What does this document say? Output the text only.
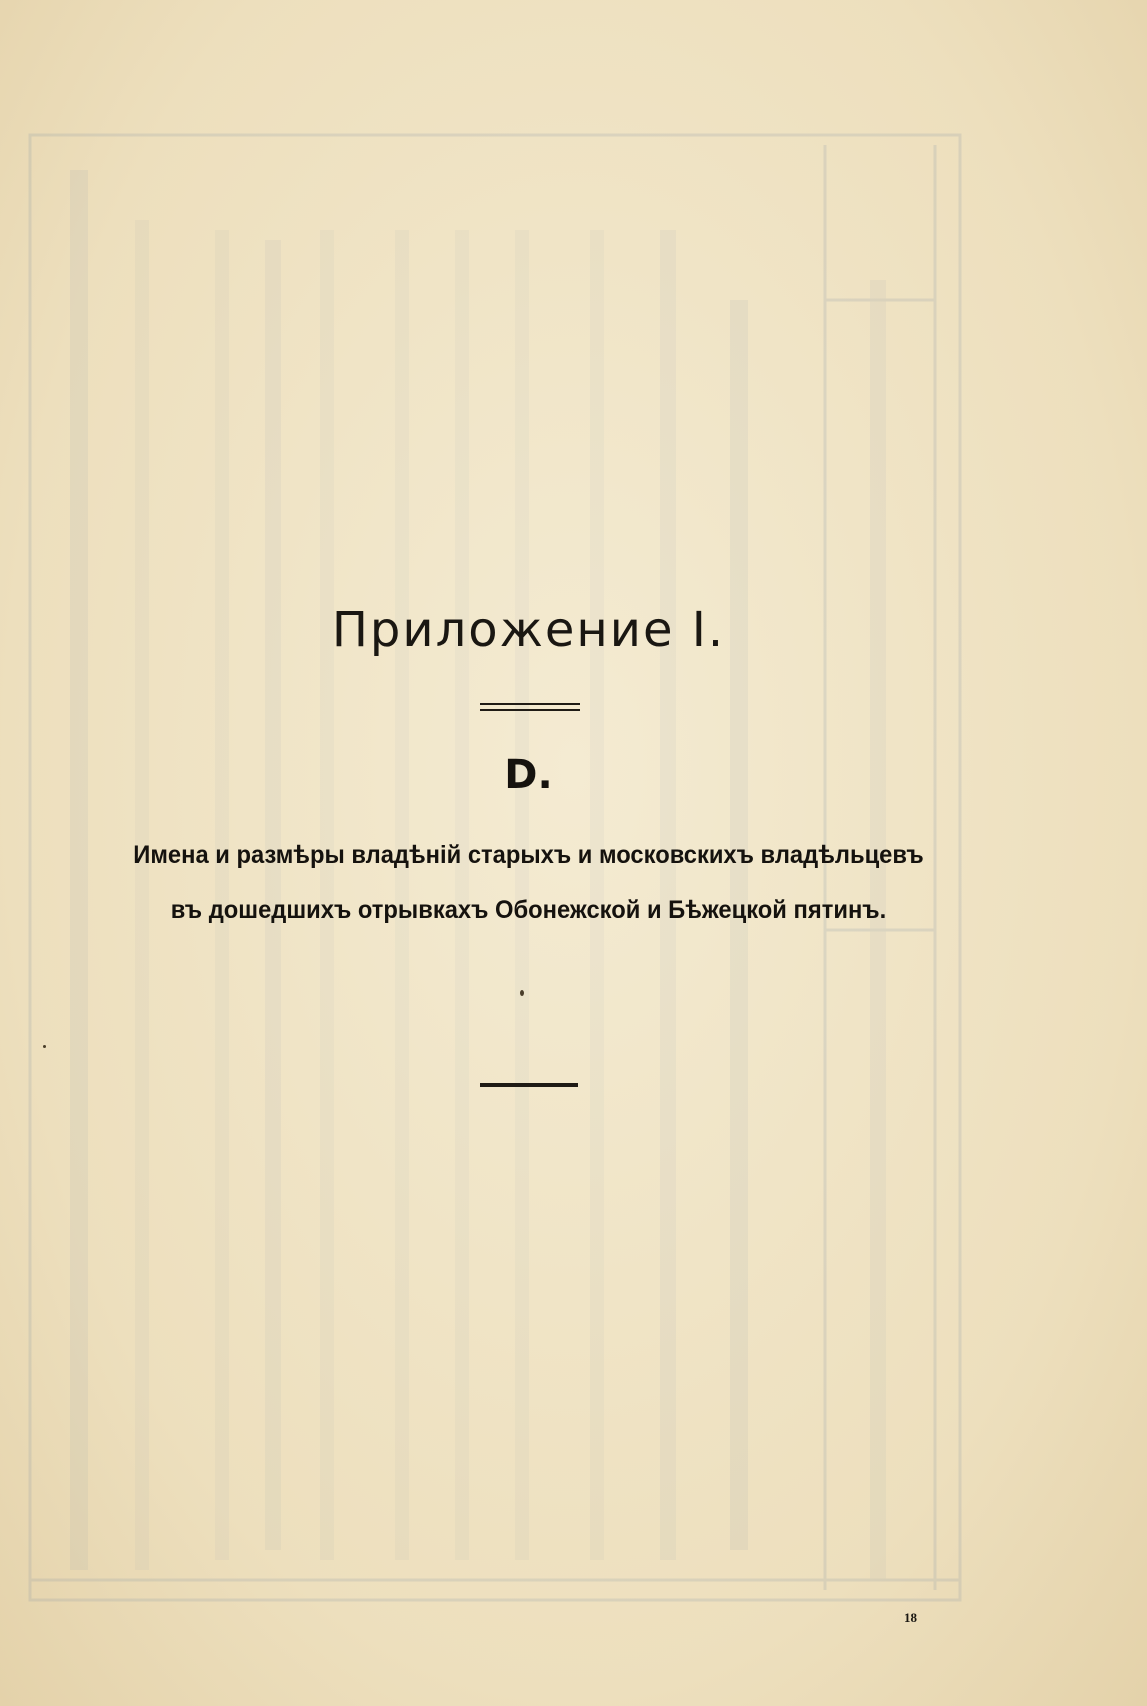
Приложение I.
D.
Имена и размѣры владѣній старыхъ и московскихъ владѣльцевъ
въ дошедшихъ отрывкахъ Обонежской и Бѣжецкой пятинъ.
18
